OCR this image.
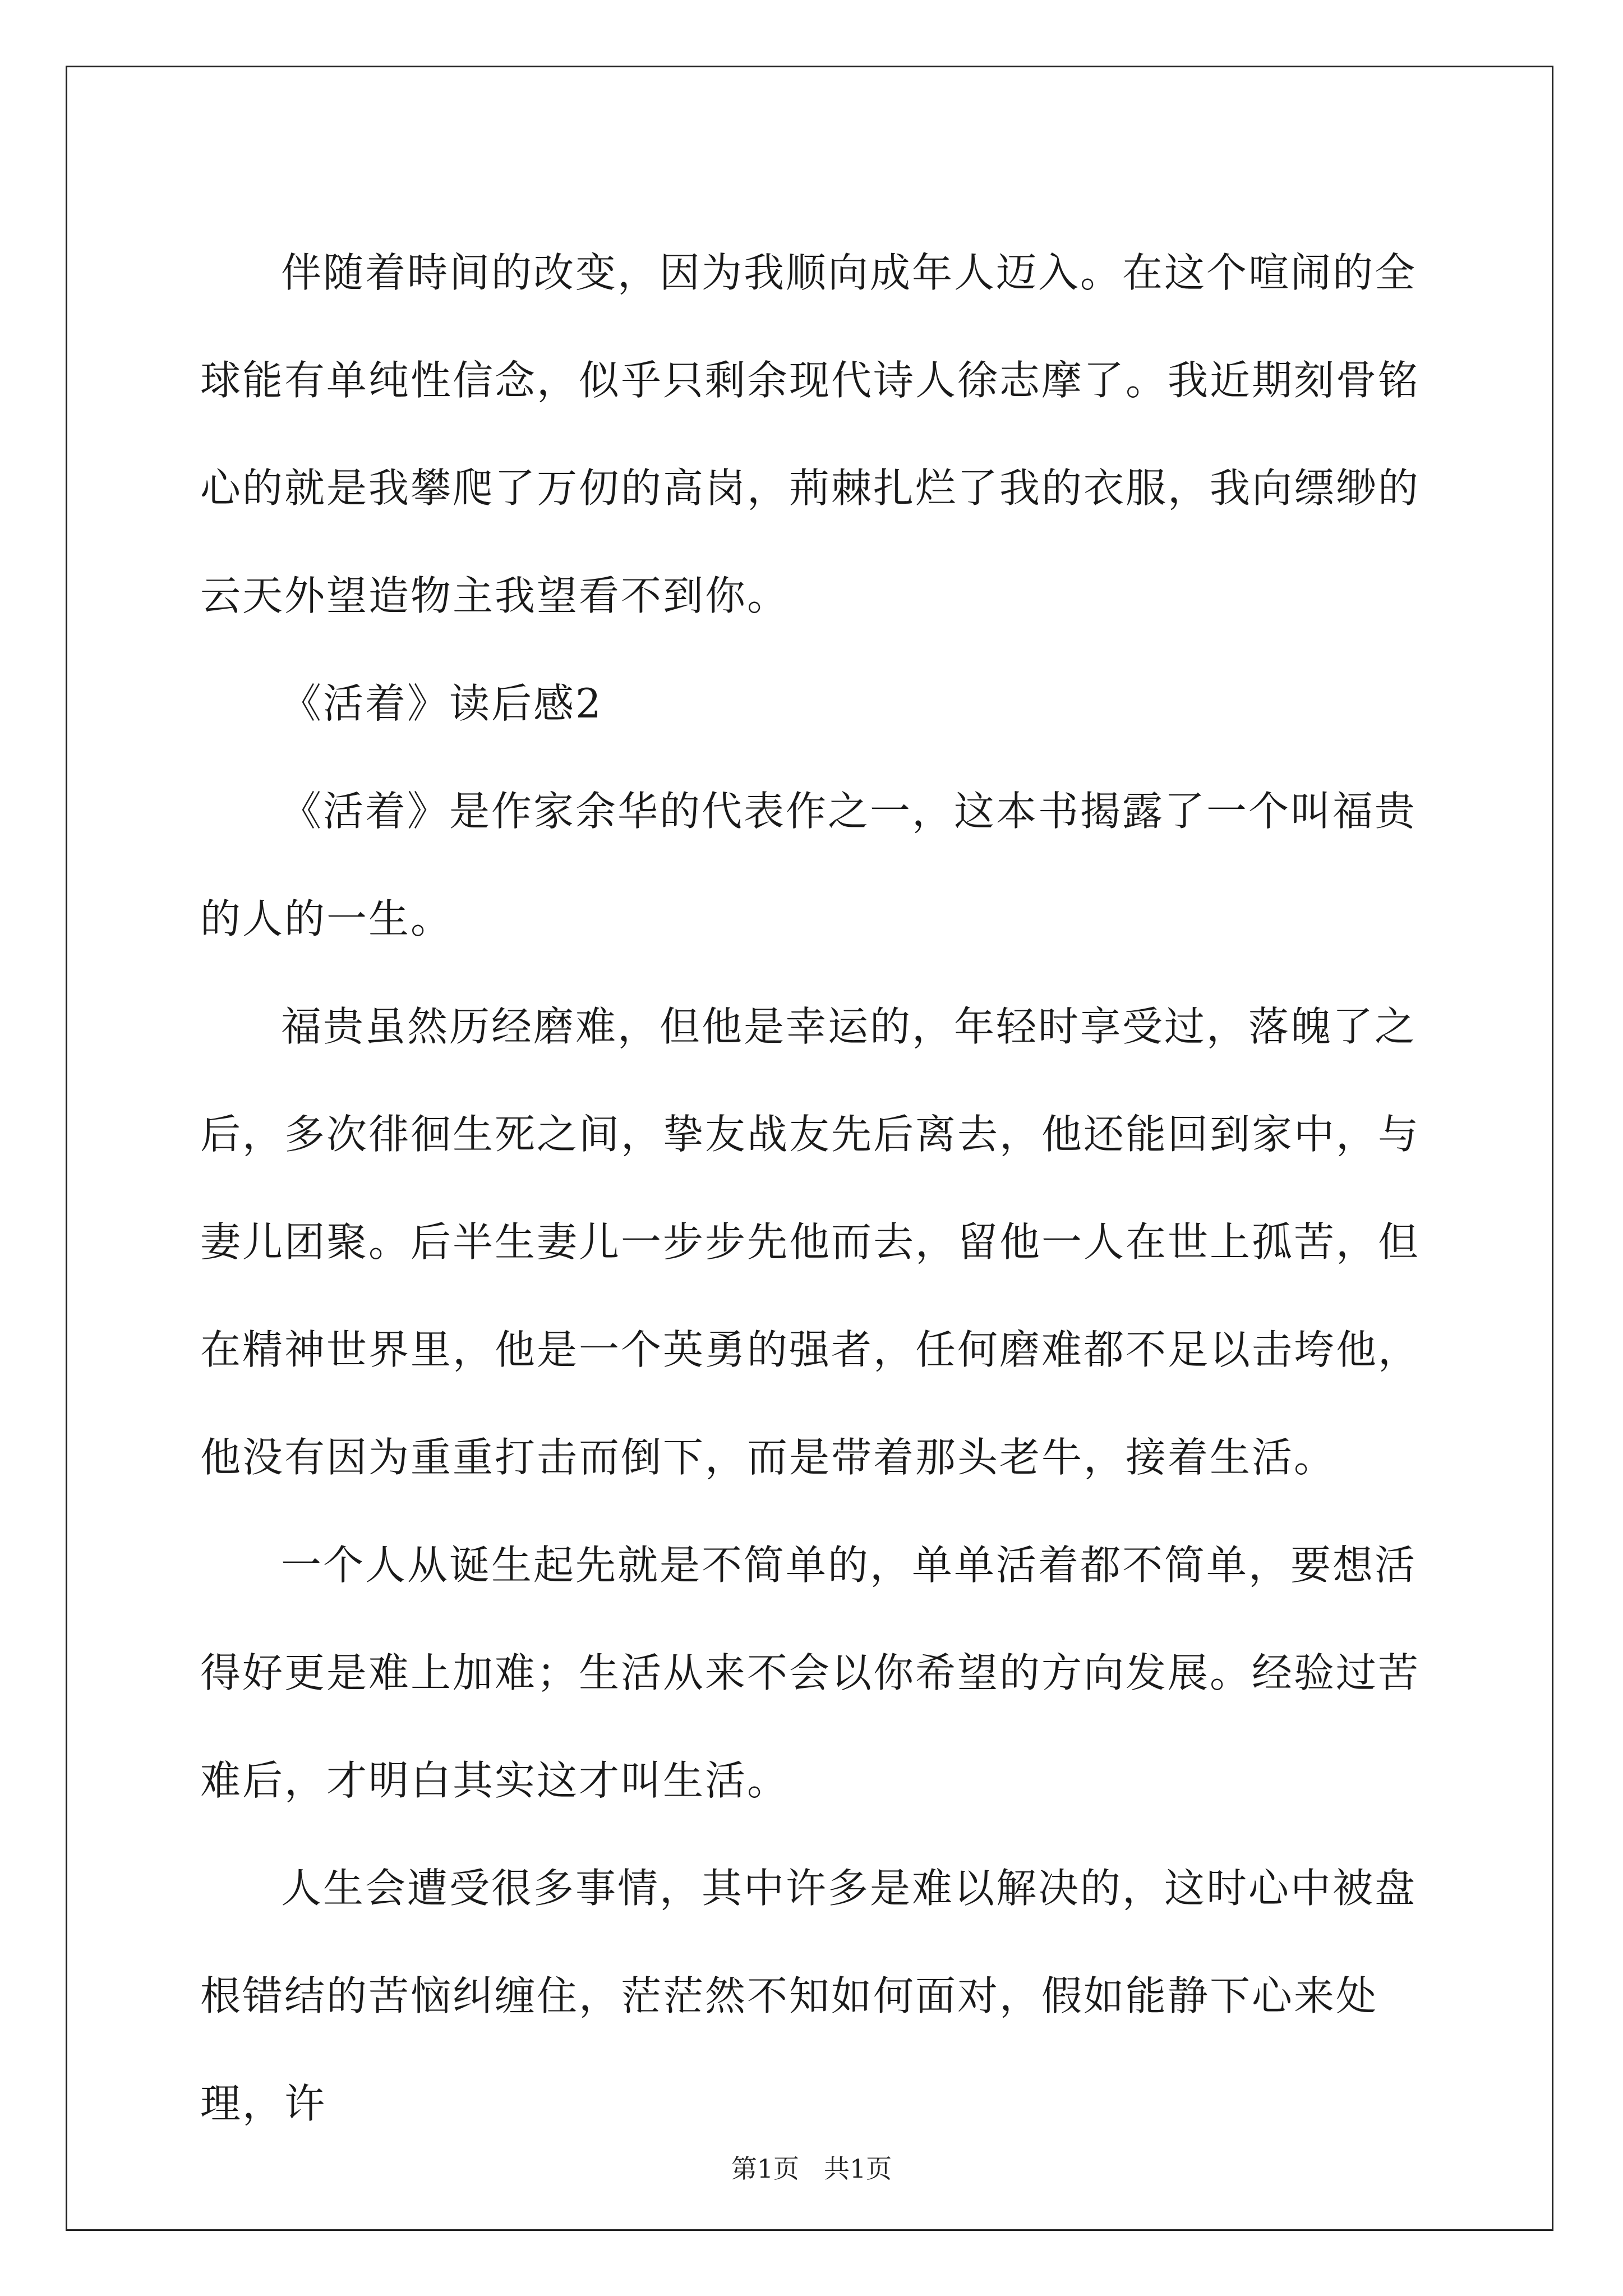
伴随着時间的改变，因为我顺向成年人迈入。在这个喧闹的全球能有单纯性信念，似乎只剩余现代诗人徐志摩了。我近期刻骨铭心的就是我攀爬了万仞的高岗，荊棘扎烂了我的衣服，我向缥缈的云天外望造物主我望看不到你。

《活着》读后感2

《活着》是作家余华的代表作之一，这本书揭露了一个叫福贵的人的一生。

福贵虽然历经磨难，但他是幸运的，年轻时享受过，落魄了之后，多次徘徊生死之间，挚友战友先后离去，他还能回到家中，与妻儿团聚。后半生妻儿一步步先他而去，留他一人在世上孤苦，但在精神世界里，他是一个英勇的强者，任何磨难都不足以击垮他，他没有因为重重打击而倒下，而是带着那头老牛，接着生活。

一个人从诞生起先就是不简单的，单单活着都不简单，要想活得好更是难上加难；生活从来不会以你希望的方向发展。经验过苦难后，才明白其实这才叫生活。

人生会遭受很多事情，其中许多是难以解决的，这时心中被盘根错结的苦恼纠缠住，茫茫然不知如何面对，假如能静下心来处理，许

第1页 共1页
